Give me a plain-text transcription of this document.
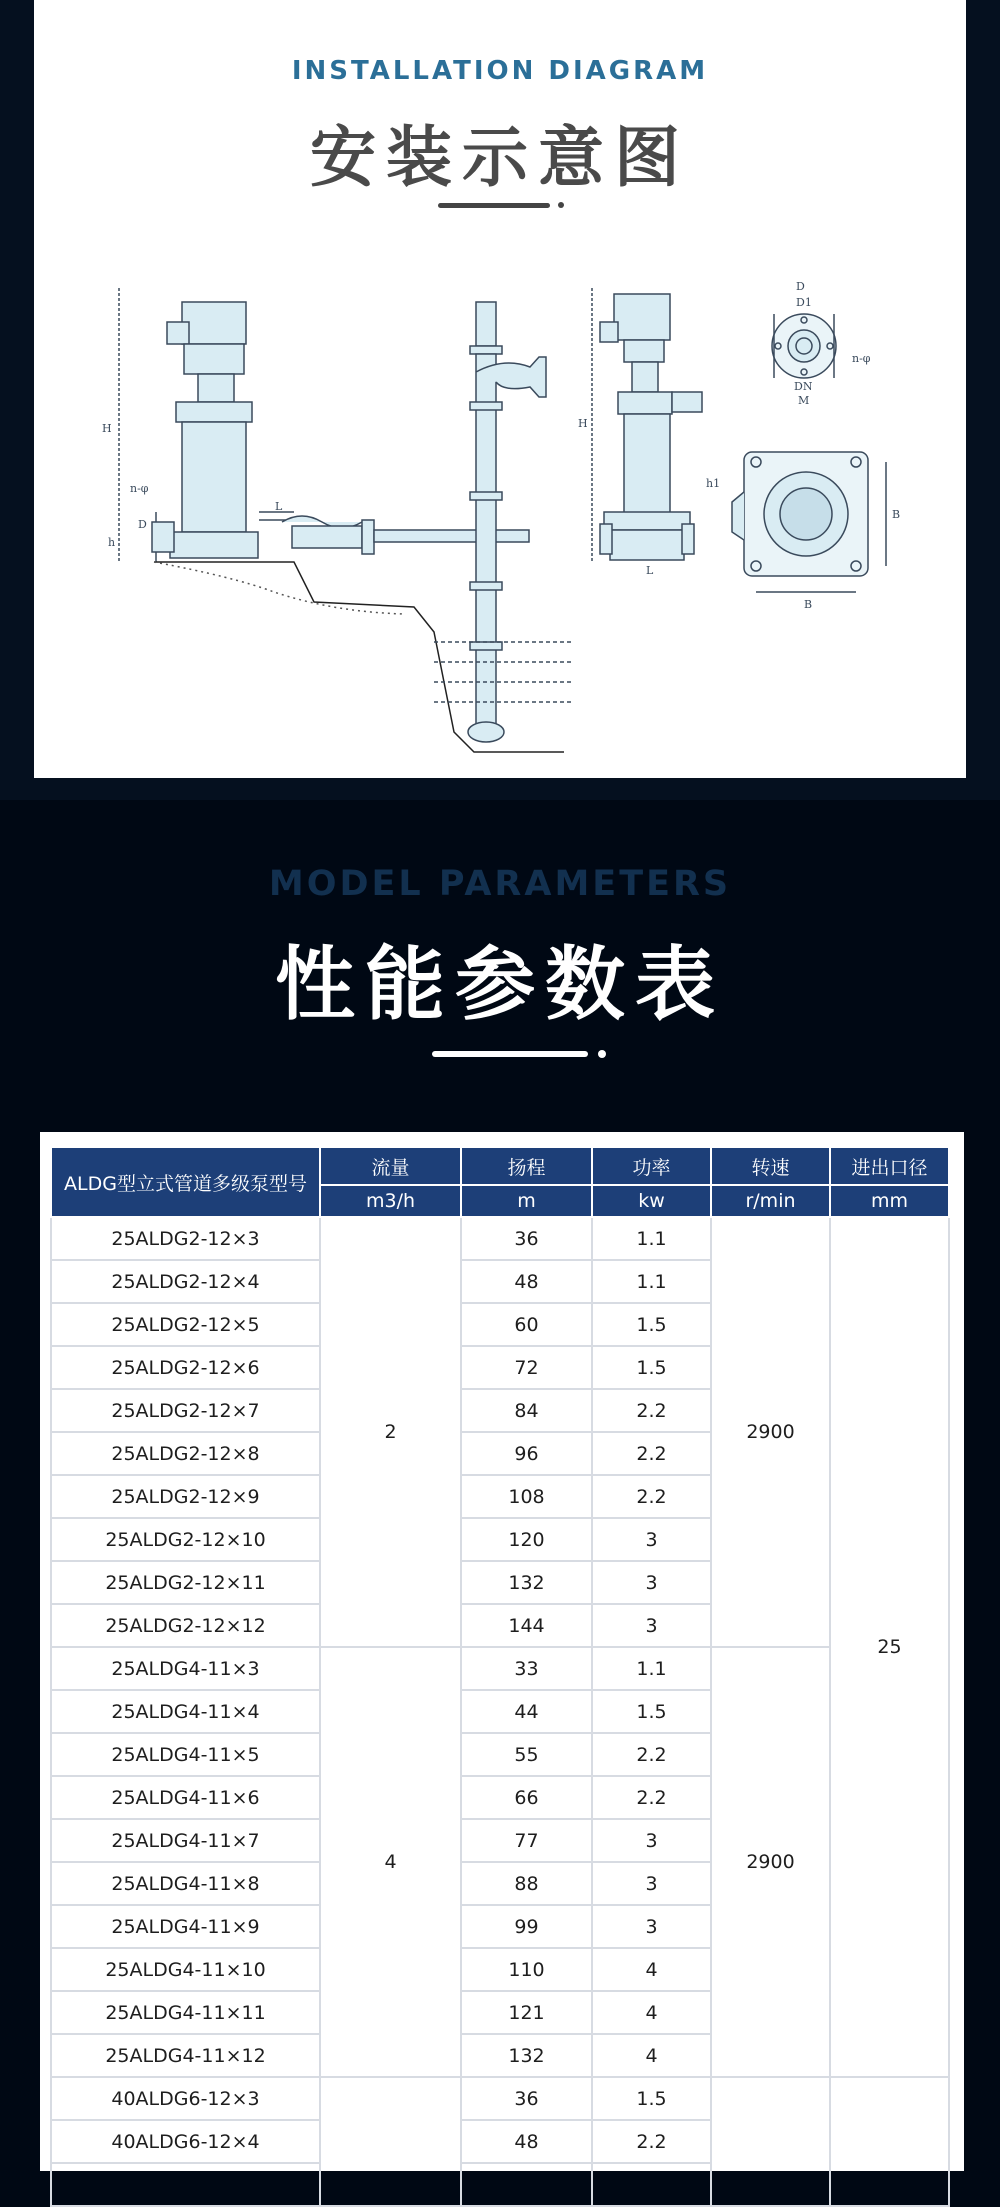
INSTALLATION DIAGRAM
安装示意图
H
h
L
n-φ
D
H
h1
L
D
D1
DN
M
n-φ
B
B
MODEL PARAMETERS
性能参数表
ALDG型立式管道多级泵型号	流量	扬程	功率	转速	进出口径
	m3/h	m	kw	r/min	mm
25ALDG2-12×3	2	36	1.1	2900	25
25ALDG2-12×4		48	1.1		
25ALDG2-12×5		60	1.5		
25ALDG2-12×6		72	1.5		
25ALDG2-12×7		84	2.2		
25ALDG2-12×8		96	2.2		
25ALDG2-12×9		108	2.2		
25ALDG2-12×10		120	3		
25ALDG2-12×11		132	3		
25ALDG2-12×12		144	3		
25ALDG4-11×3	4	33	1.1	2900	
25ALDG4-11×4		44	1.5		
25ALDG4-11×5		55	2.2		
25ALDG4-11×6		66	2.2		
25ALDG4-11×7		77	3		
25ALDG4-11×8		88	3		
25ALDG4-11×9		99	3		
25ALDG4-11×10		110	4		
25ALDG4-11×11		121	4		
25ALDG4-11×12		132	4		
40ALDG6-12×3		36	1.5		
40ALDG6-12×4		48	2.2		
